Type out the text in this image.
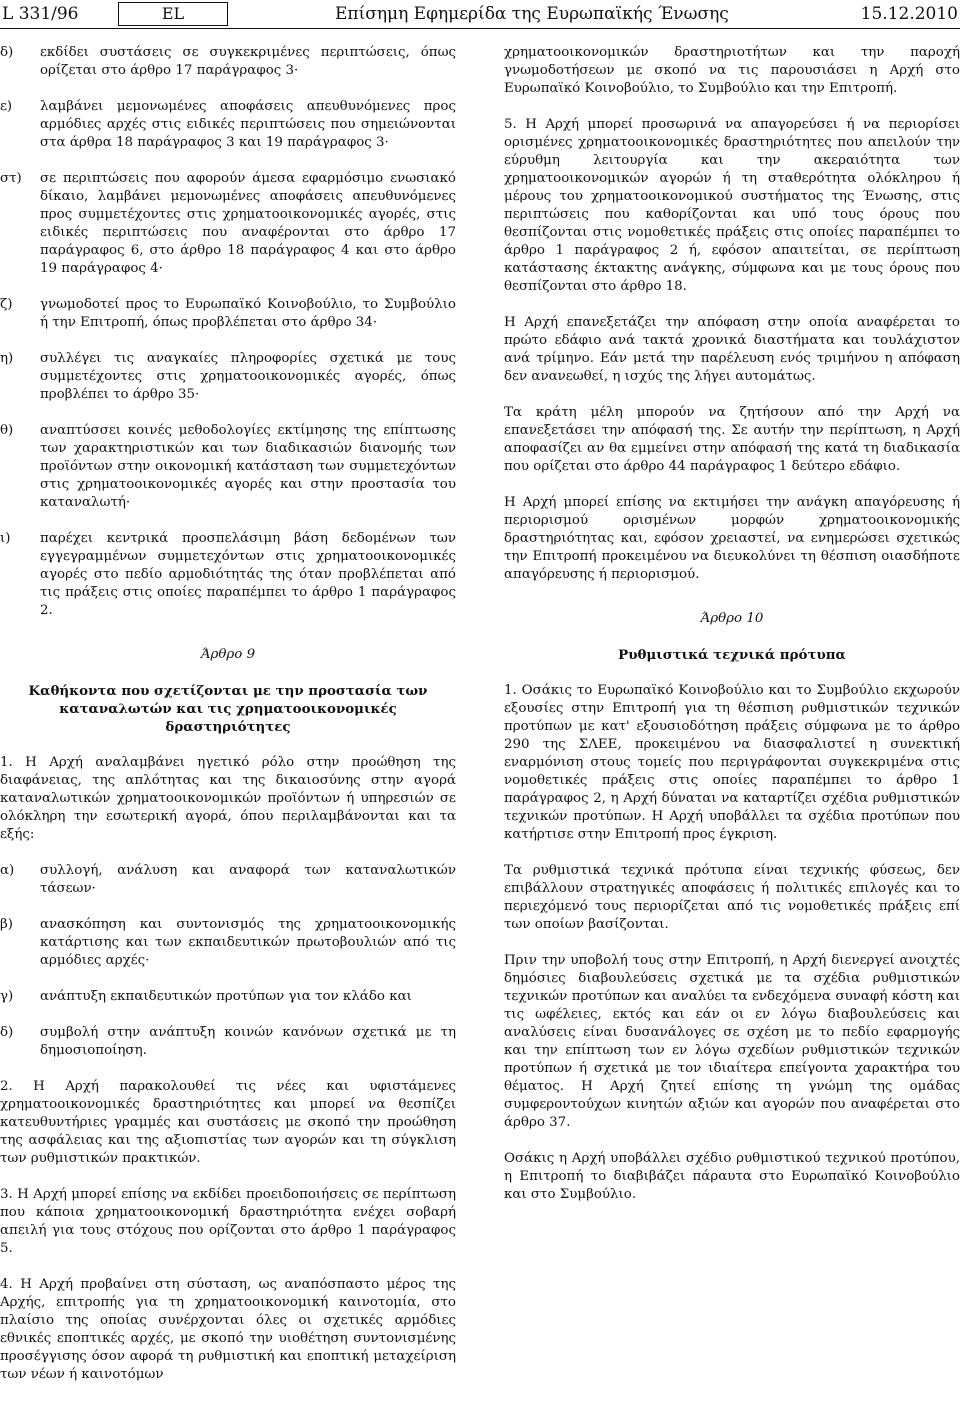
L 331/96	EL	Επίσημη Εφημερίδα της Ευρωπαϊκής Ένωσης	15.12.2010
δ)	εκδίδει συστάσεις σε συγκεκριμένες περιπτώσεις, όπως ορίζεται στο άρθρο 17 παράγραφος 3·
ε)	λαμβάνει μεμονωμένες αποφάσεις απευθυνόμενες προς αρμόδιες αρχές στις ειδικές περιπτώσεις που σημειώνονται στα άρθρα 18 παράγραφος 3 και 19 παράγραφος 3·
στ)	σε περιπτώσεις που αφορούν άμεσα εφαρμόσιμο ενωσιακό δίκαιο, λαμβάνει μεμονωμένες αποφάσεις απευθυνόμενες προς συμμετέχοντες στις χρηματοοικονομικές αγορές, στις ειδικές περιπτώσεις που αναφέρονται στο άρθρο 17 παράγραφος 6, στο άρθρο 18 παράγραφος 4 και στο άρθρο 19 παράγραφος 4·
ζ)	γνωμοδοτεί προς το Ευρωπαϊκό Κοινοβούλιο, το Συμβούλιο ή την Επιτροπή, όπως προβλέπεται στο άρθρο 34·
η)	συλλέγει τις αναγκαίες πληροφορίες σχετικά με τους συμμετέχοντες στις χρηματοοικονομικές αγορές, όπως προβλέπει το άρθρο 35·
θ)	αναπτύσσει κοινές μεθοδολογίες εκτίμησης της επίπτωσης των χαρακτηριστικών και των διαδικασιών διανομής των προϊόντων στην οικονομική κατάσταση των συμμετεχόντων στις χρηματοοικονομικές αγορές και στην προστασία του καταναλωτή·
ι)	παρέχει κεντρικά προσπελάσιμη βάση δεδομένων των εγγεγραμμένων συμμετεχόντων στις χρηματοοικονομικές αγορές στο πεδίο αρμοδιότητάς της όταν προβλέπεται από τις πράξεις στις οποίες παραπέμπει το άρθρο 1 παράγραφος 2.
Άρθρο 9
Καθήκοντα που σχετίζονται με την προστασία των καταναλωτών και τις χρηματοοικονομικές δραστηριότητες

1. Η Αρχή αναλαμβάνει ηγετικό ρόλο στην προώθηση της διαφάνειας, της απλότητας και της δικαιοσύνης στην αγορά καταναλωτικών χρηματοοικονομικών προϊόντων ή υπηρεσιών σε ολόκληρη την εσωτερική αγορά, όπου περιλαμβάνονται και τα εξής:

α)	συλλογή, ανάλυση και αναφορά των καταναλωτικών τάσεων·
β)	ανασκόπηση και συντονισμός της χρηματοοικονομικής κατάρτισης και των εκπαιδευτικών πρωτοβουλιών από τις αρμόδιες αρχές·
γ)	ανάπτυξη εκπαιδευτικών προτύπων για τον κλάδο και
δ)	συμβολή στην ανάπτυξη κοινών κανόνων σχετικά με τη δημοσιοποίηση.

2. Η Αρχή παρακολουθεί τις νέες και υφιστάμενες χρηματοοικονομικές δραστηριότητες και μπορεί να θεσπίζει κατευθυντήριες γραμμές και συστάσεις με σκοπό την προώθηση της ασφάλειας και της αξιοπιστίας των αγορών και τη σύγκλιση των ρυθμιστικών πρακτικών.

3. Η Αρχή μπορεί επίσης να εκδίδει προειδοποιήσεις σε περίπτωση που κάποια χρηματοοικονομική δραστηριότητα ενέχει σοβαρή απειλή για τους στόχους που ορίζονται στο άρθρο 1 παράγραφος 5.

4. Η Αρχή προβαίνει στη σύσταση, ως αναπόσπαστο μέρος της Αρχής, επιτροπής για τη χρηματοοικονομική καινοτομία, στο πλαίσιο της οποίας συνέρχονται όλες οι σχετικές αρμόδιες εθνικές εποπτικές αρχές, με σκοπό την υιοθέτηση συντονισμένης προσέγγισης όσον αφορά τη ρυθμιστική και εποπτική μεταχείριση των νέων ή καινοτόμων

χρηματοοικονομικών δραστηριοτήτων και την παροχή γνωμοδοτήσεων με σκοπό να τις παρουσιάσει η Αρχή στο Ευρωπαϊκό Κοινοβούλιο, το Συμβούλιο και την Επιτροπή.

5. Η Αρχή μπορεί προσωρινά να απαγορεύσει ή να περιορίσει ορισμένες χρηματοοικονομικές δραστηριότητες που απειλούν την εύρυθμη λειτουργία και την ακεραιότητα των χρηματοοικονομικών αγορών ή τη σταθερότητα ολόκληρου ή μέρους του χρηματοοικονομικού συστήματος της Ένωσης, στις περιπτώσεις που καθορίζονται και υπό τους όρους που θεσπίζονται στις νομοθετικές πράξεις στις οποίες παραπέμπει το άρθρο 1 παράγραφος 2 ή, εφόσον απαιτείται, σε περίπτωση κατάστασης έκτακτης ανάγκης, σύμφωνα και με τους όρους που θεσπίζονται στο άρθρο 18.

Η Αρχή επανεξετάζει την απόφαση στην οποία αναφέρεται το πρώτο εδάφιο ανά τακτά χρονικά διαστήματα και τουλάχιστον ανά τρίμηνο. Εάν μετά την παρέλευση ενός τριμήνου η απόφαση δεν ανανεωθεί, η ισχύς της λήγει αυτομάτως.

Τα κράτη μέλη μπορούν να ζητήσουν από την Αρχή να επανεξετάσει την απόφασή της. Σε αυτήν την περίπτωση, η Αρχή αποφασίζει αν θα εμμείνει στην απόφασή της κατά τη διαδικασία που ορίζεται στο άρθρο 44 παράγραφος 1 δεύτερο εδάφιο.

Η Αρχή μπορεί επίσης να εκτιμήσει την ανάγκη απαγόρευσης ή περιορισμού ορισμένων μορφών χρηματοοικονομικής δραστηριότητας και, εφόσον χρειαστεί, να ενημερώσει σχετικώς την Επιτροπή προκειμένου να διευκολύνει τη θέσπιση οιασδήποτε απαγόρευσης ή περιορισμού.

Άρθρο 10
Ρυθμιστικά τεχνικά πρότυπα

1. Οσάκις το Ευρωπαϊκό Κοινοβούλιο και το Συμβούλιο εκχωρούν εξουσίες στην Επιτροπή για τη θέσπιση ρυθμιστικών τεχνικών προτύπων με κατ' εξουσιοδότηση πράξεις σύμφωνα με το άρθρο 290 της ΣΛΕΕ, προκειμένου να διασφαλιστεί η συνεκτική εναρμόνιση στους τομείς που περιγράφονται συγκεκριμένα στις νομοθετικές πράξεις στις οποίες παραπέμπει το άρθρο 1 παράγραφος 2, η Αρχή δύναται να καταρτίζει σχέδια ρυθμιστικών τεχνικών προτύπων. Η Αρχή υποβάλλει τα σχέδια προτύπων που κατήρτισε στην Επιτροπή προς έγκριση.

Τα ρυθμιστικά τεχνικά πρότυπα είναι τεχνικής φύσεως, δεν επιβάλλουν στρατηγικές αποφάσεις ή πολιτικές επιλογές και το περιεχόμενό τους περιορίζεται από τις νομοθετικές πράξεις επί των οποίων βασίζονται.

Πριν την υποβολή τους στην Επιτροπή, η Αρχή διενεργεί ανοιχτές δημόσιες διαβουλεύσεις σχετικά με τα σχέδια ρυθμιστικών τεχνικών προτύπων και αναλύει τα ενδεχόμενα συναφή κόστη και τις ωφέλειες, εκτός και εάν οι εν λόγω διαβουλεύσεις και αναλύσεις είναι δυσανάλογες σε σχέση με το πεδίο εφαρμογής και την επίπτωση των εν λόγω σχεδίων ρυθμιστικών τεχνικών προτύπων ή σχετικά με τον ιδιαίτερα επείγοντα χαρακτήρα του θέματος. Η Αρχή ζητεί επίσης τη γνώμη της ομάδας συμφεροντούχων κινητών αξιών και αγορών που αναφέρεται στο άρθρο 37.

Οσάκις η Αρχή υποβάλλει σχέδιο ρυθμιστικού τεχνικού προτύπου, η Επιτροπή το διαβιβάζει πάραυτα στο Ευρωπαϊκό Κοινοβούλιο και στο Συμβούλιο.
